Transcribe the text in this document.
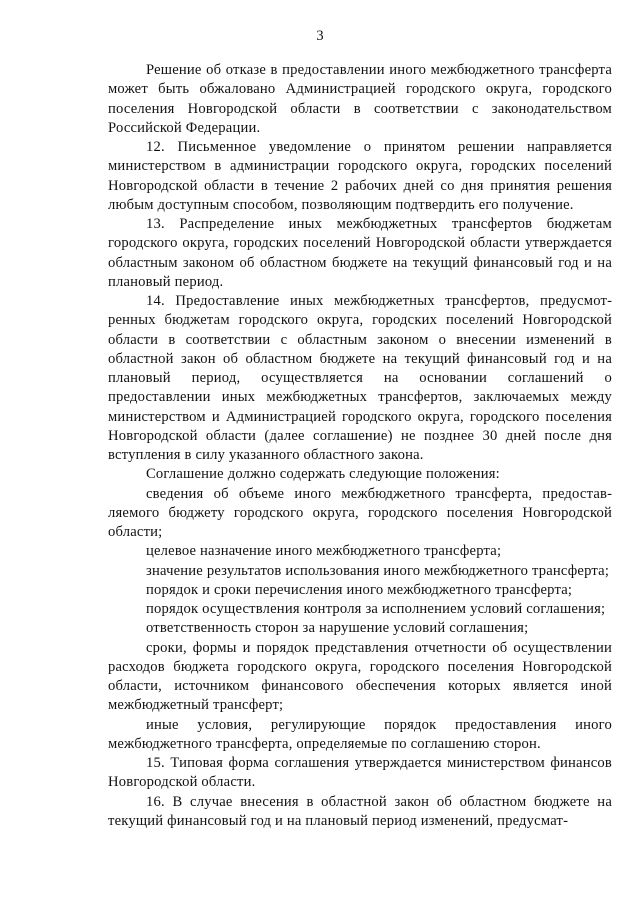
3

Решение об отказе в предоставлении иного межбюджетного трансферта может быть обжаловано Администрацией городского округа, городского поселения Новгородской области в соответствии с законодательством Российской Федерации.

12. Письменное уведомление о принятом решении направляется министерством в администрации городского округа, городских поселений Новгородской области в течение 2 рабочих дней со дня принятия решения любым доступным способом, позволяющим подтвердить его получение.

13. Распределение иных межбюджетных трансфертов бюджетам городского округа, городских поселений Новгородской области утверждается областным законом об областном бюджете на текущий финансовый год и на плановый период.

14. Предоставление иных межбюджетных трансфертов, предусмотренных бюджетам городского округа, городских поселений Новгородской области в соответствии с областным законом о внесении изменений в областной закон об областном бюджете на текущий финансовый год и на плановый период, осуществляется на основании соглашений о предоставлении иных межбюджетных трансфертов, заключаемых между министерством и Администрацией городского округа, городского поселения Новгородской области (далее соглашение) не позднее 30 дней после дня вступления в силу указанного областного закона.

Соглашение должно содержать следующие положения:

сведения об объеме иного межбюджетного трансферта, предоставляемого бюджету городского округа, городского поселения Новгородской области;

целевое назначение иного межбюджетного трансферта;

значение результатов использования иного межбюджетного трансферта;

порядок и сроки перечисления иного межбюджетного трансферта;

порядок осуществления контроля за исполнением условий соглашения;

ответственность сторон за нарушение условий соглашения;

сроки, формы и порядок представления отчетности об осуществлении расходов бюджета городского округа, городского поселения Новгородской области, источником финансового обеспечения которых является иной межбюджетный трансферт;

иные условия, регулирующие порядок предоставления иного межбюджетного трансферта, определяемые по соглашению сторон.

15. Типовая форма соглашения утверждается министерством финансов Новгородской области.

16. В случае внесения в областной закон об областном бюджете на текущий финансовый год и на плановый период изменений, предусмат-
